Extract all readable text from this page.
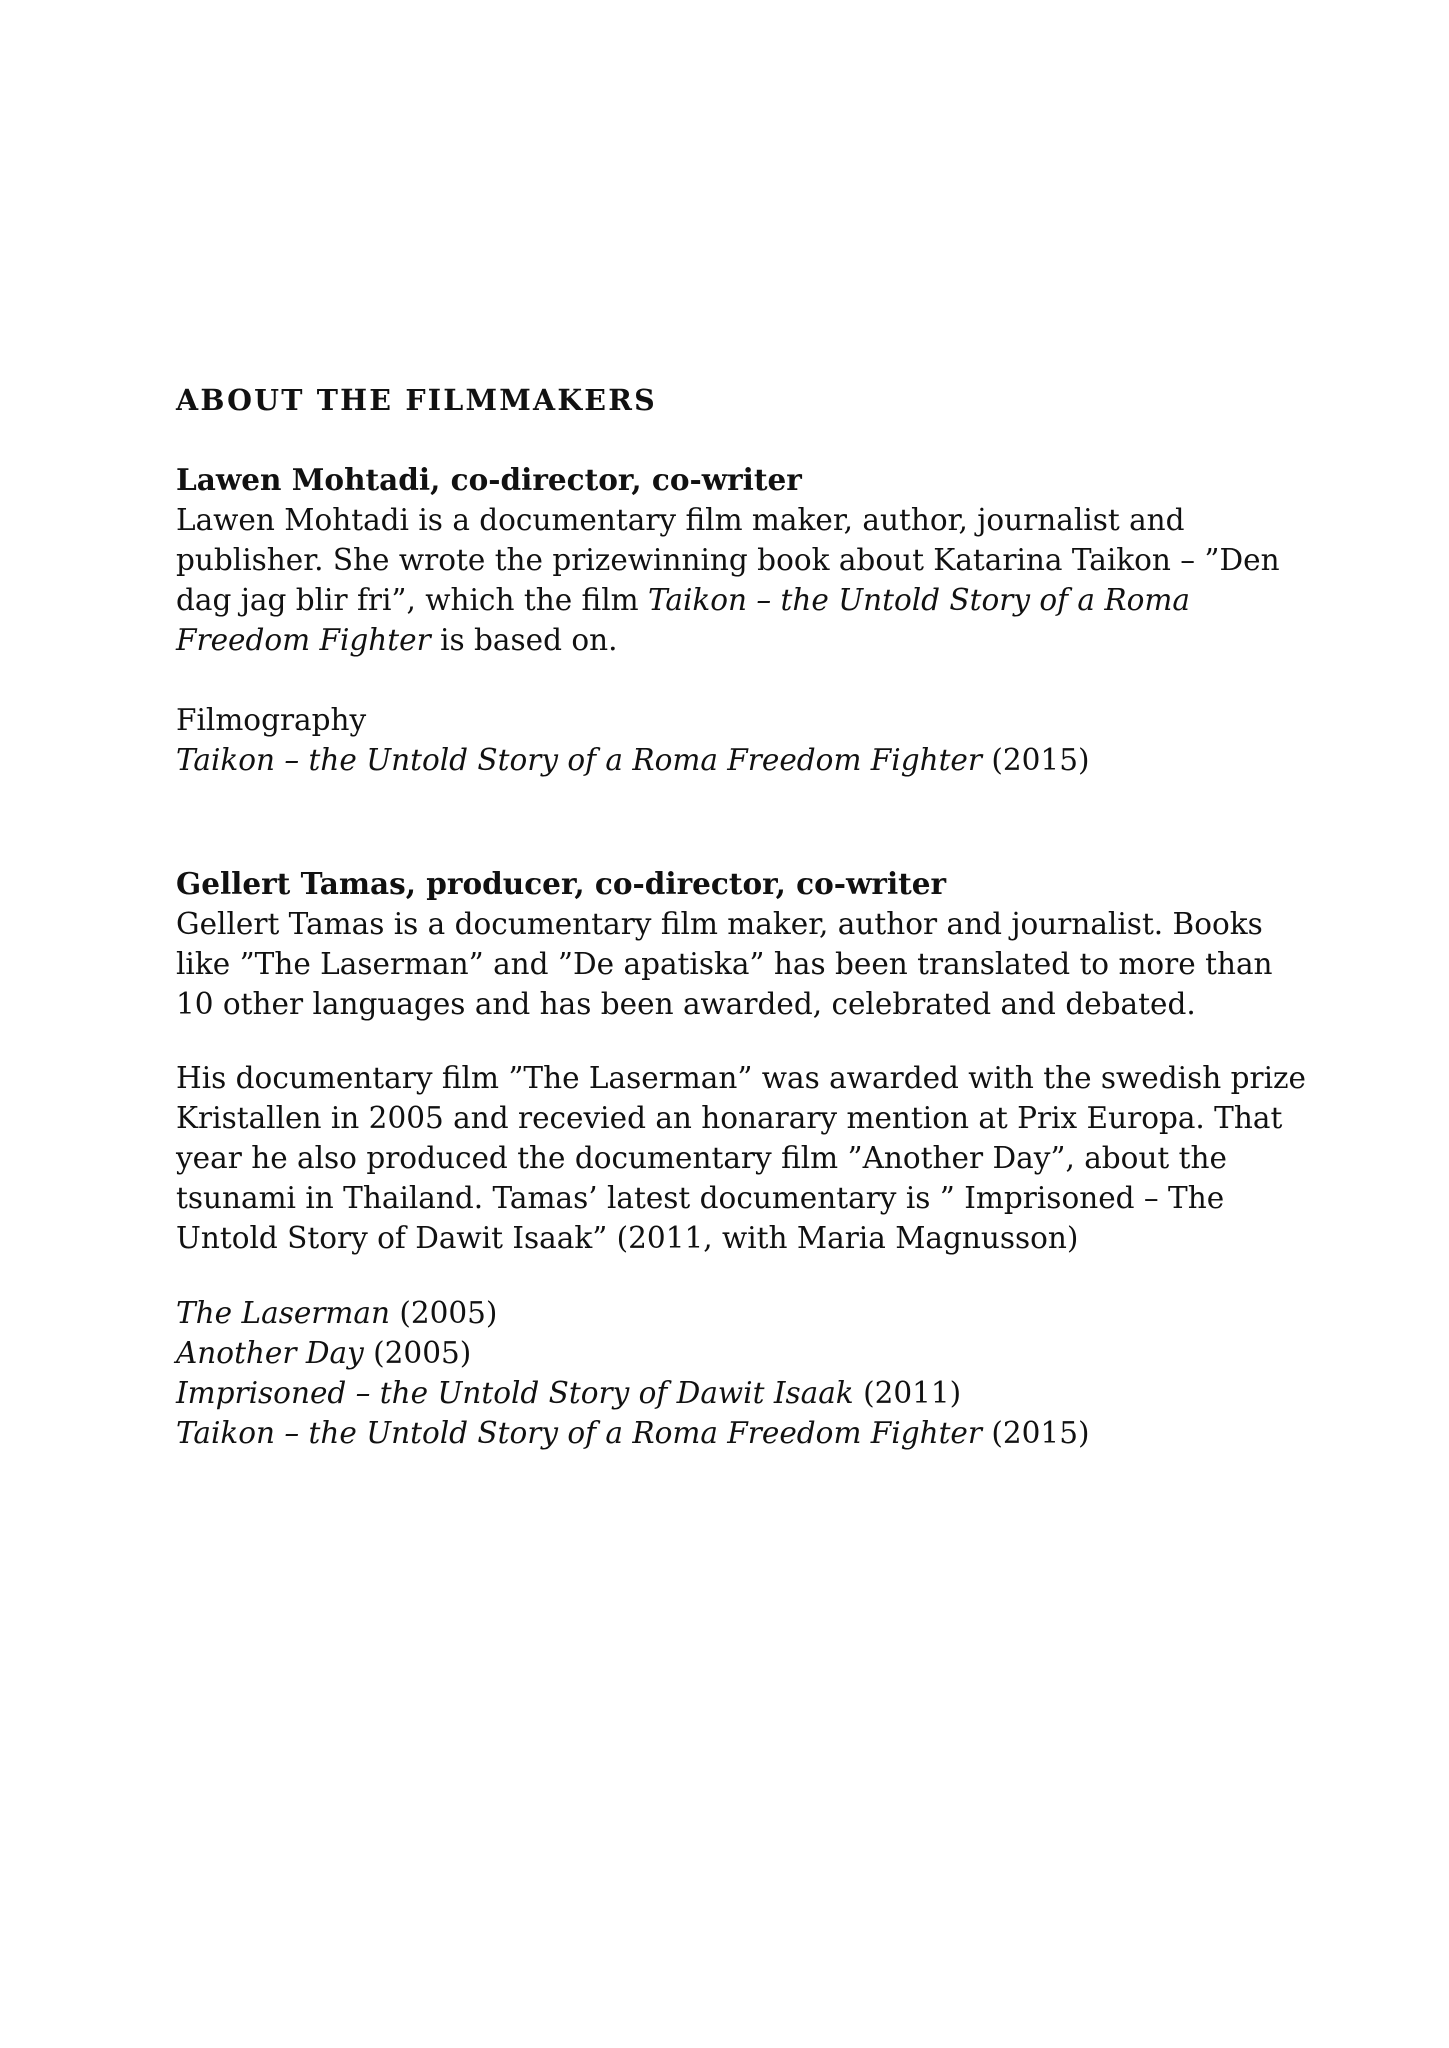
ABOUT THE FILMMAKERS

Lawen Mohtadi, co-director, co-writer

Lawen Mohtadi is a documentary film maker, author, journalist and publisher. She wrote the prizewinning book about Katarina Taikon – ”Den dag jag blir fri”, which the film Taikon – the Untold Story of a Roma Freedom Fighter is based on.

Filmography

Taikon – the Untold Story of a Roma Freedom Fighter (2015)

Gellert Tamas, producer, co-director, co-writer

Gellert Tamas is a documentary film maker, author and journalist. Books like ”The Laserman” and ”De apatiska” has been translated to more than 10 other languages and has been awarded, celebrated and debated.

His documentary film ”The Laserman” was awarded with the swedish prize Kristallen in 2005 and recevied an honarary mention at Prix Europa. That year he also produced the documentary film ”Another Day”, about the tsunami in Thailand. Tamas’ latest documentary is ” Imprisoned – The Untold Story of Dawit Isaak” (2011, with Maria Magnusson)

The Laserman (2005)
Another Day (2005)
Imprisoned – the Untold Story of Dawit Isaak (2011)
Taikon – the Untold Story of a Roma Freedom Fighter (2015)
